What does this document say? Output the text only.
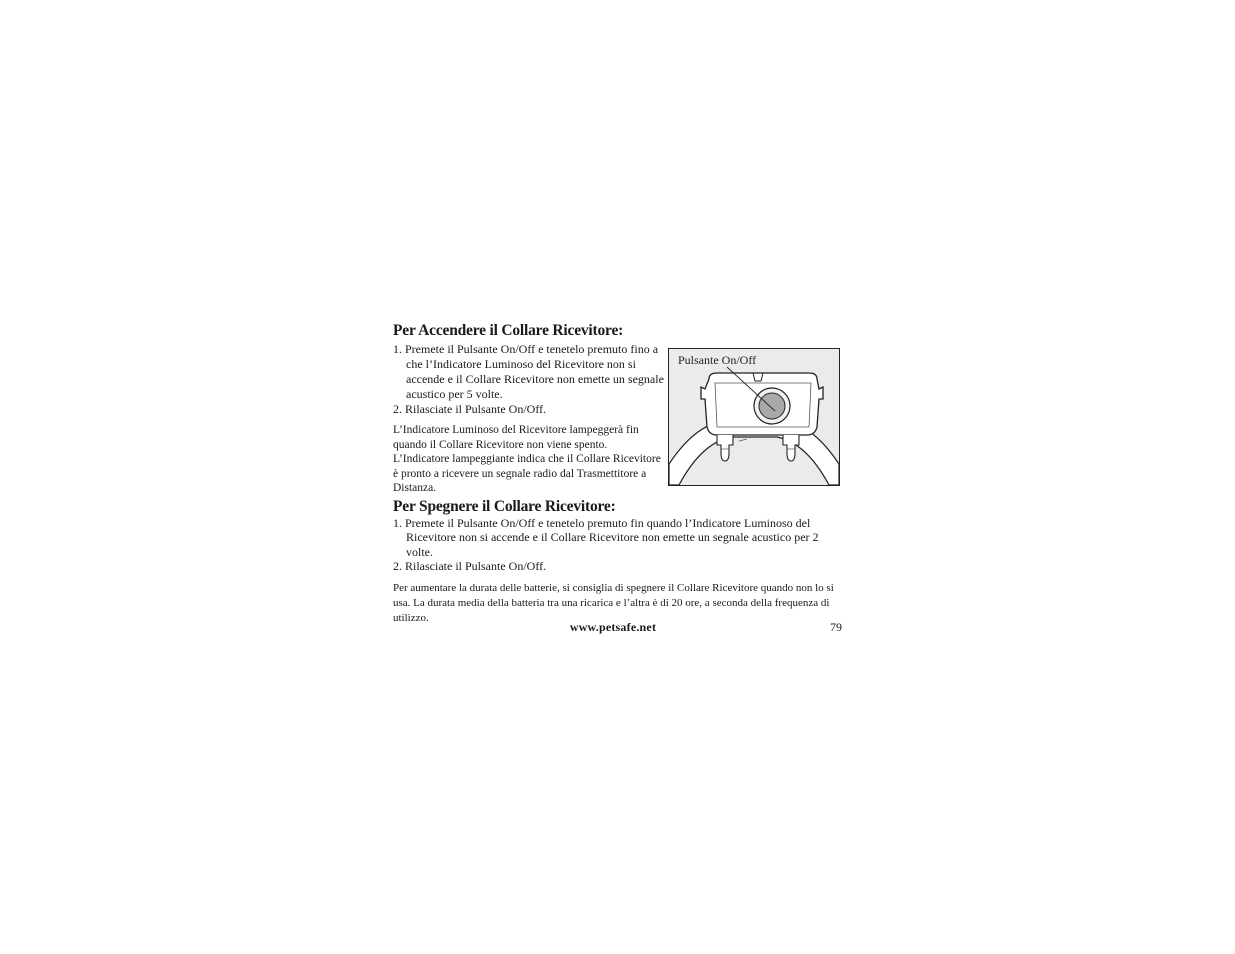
Per Accendere il Collare Ricevitore:
1. Premete il Pulsante On/Off e tenetelo premuto fino a che l’Indicatore Luminoso del Ricevitore non si accende e il Collare Ricevitore non emette un segnale acustico per 5 volte.
2. Rilasciate il Pulsante On/Off.

L’Indicatore Luminoso del Ricevitore lampeggerà fin quando il Collare Ricevitore non viene spento. L’Indicatore lampeggiante indica che il Collare Ricevitore è pronto a ricevere un segnale radio dal Trasmettitore a Distanza.

Pulsante On/Off
Per Spegnere il Collare Ricevitore:
1. Premete il Pulsante On/Off e tenetelo premuto fin quando l’Indicatore Luminoso del Ricevitore non si accende e il Collare Ricevitore non emette un segnale acustico per 2 volte.
2. Rilasciate il Pulsante On/Off.

Per aumentare la durata delle batterie, si consiglia di spegnere il Collare Ricevitore quando non lo si usa. La durata media della batteria tra una ricarica e l’altra è di 20 ore, a seconda della frequenza di utilizzo.

www.petsafe.net	79
